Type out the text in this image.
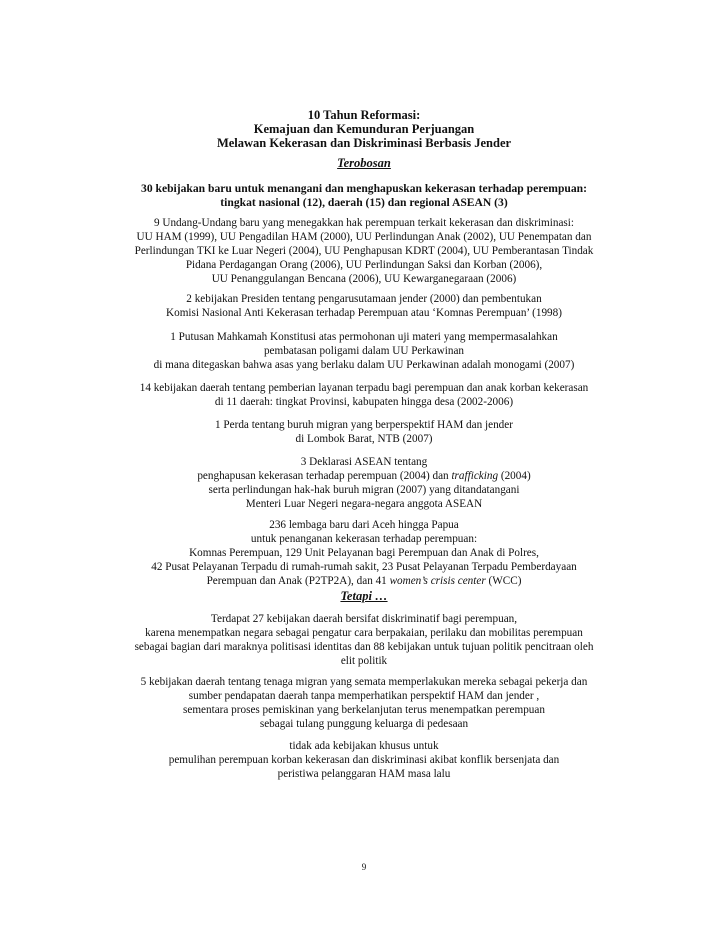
10 Tahun Reformasi:
Kemajuan dan Kemunduran Perjuangan
Melawan Kekerasan dan Diskriminasi Berbasis Jender
Terobosan
30 kebijakan baru untuk menangani dan menghapuskan kekerasan terhadap perempuan:
tingkat nasional (12), daerah (15) dan regional ASEAN (3)
9 Undang-Undang baru yang menegakkan hak perempuan terkait kekerasan dan diskriminasi:
UU HAM (1999), UU Pengadilan HAM (2000), UU Perlindungan Anak (2002), UU Penempatan dan
Perlindungan TKI ke Luar Negeri (2004), UU Penghapusan KDRT (2004), UU Pemberantasan Tindak
Pidana Perdagangan Orang (2006), UU Perlindungan Saksi dan Korban (2006),
UU Penanggulangan Bencana (2006), UU Kewarganegaraan (2006)
2 kebijakan Presiden tentang pengarusutamaan jender (2000) dan pembentukan
Komisi Nasional Anti Kekerasan terhadap Perempuan atau ‘Komnas Perempuan’ (1998)
1 Putusan Mahkamah Konstitusi atas permohonan uji materi yang mempermasalahkan
pembatasan poligami dalam UU Perkawinan
di mana ditegaskan bahwa asas yang berlaku dalam UU Perkawinan adalah monogami (2007)
14 kebijakan daerah tentang pemberian layanan terpadu bagi perempuan dan anak korban kekerasan
di 11 daerah: tingkat Provinsi, kabupaten hingga desa (2002-2006)
1 Perda tentang buruh migran yang berperspektif HAM dan jender
di Lombok Barat, NTB (2007)
3 Deklarasi ASEAN tentang
penghapusan kekerasan terhadap perempuan (2004) dan trafficking (2004)
serta perlindungan hak-hak buruh migran (2007) yang ditandatangani
Menteri Luar Negeri negara-negara anggota ASEAN
236 lembaga baru dari Aceh hingga Papua
untuk penanganan kekerasan terhadap perempuan:
Komnas Perempuan, 129 Unit Pelayanan bagi Perempuan dan Anak di Polres,
42 Pusat Pelayanan Terpadu di rumah-rumah sakit, 23 Pusat Pelayanan Terpadu Pemberdayaan
Perempuan dan Anak (P2TP2A), dan 41 women’s crisis center (WCC)
Tetapi …
Terdapat 27 kebijakan daerah bersifat diskriminatif bagi perempuan,
karena menempatkan negara sebagai pengatur cara berpakaian, perilaku dan mobilitas perempuan
sebagai bagian dari maraknya politisasi identitas dan 88 kebijakan untuk tujuan politik pencitraan oleh
elit politik
5 kebijakan daerah tentang tenaga migran yang semata memperlakukan mereka sebagai pekerja dan
sumber pendapatan daerah tanpa memperhatikan perspektif HAM dan jender ,
sementara proses pemiskinan yang berkelanjutan terus menempatkan perempuan
sebagai tulang punggung keluarga di pedesaan
tidak ada kebijakan khusus untuk
pemulihan perempuan korban kekerasan dan diskriminasi akibat konflik bersenjata dan
peristiwa pelanggaran HAM masa lalu
9
